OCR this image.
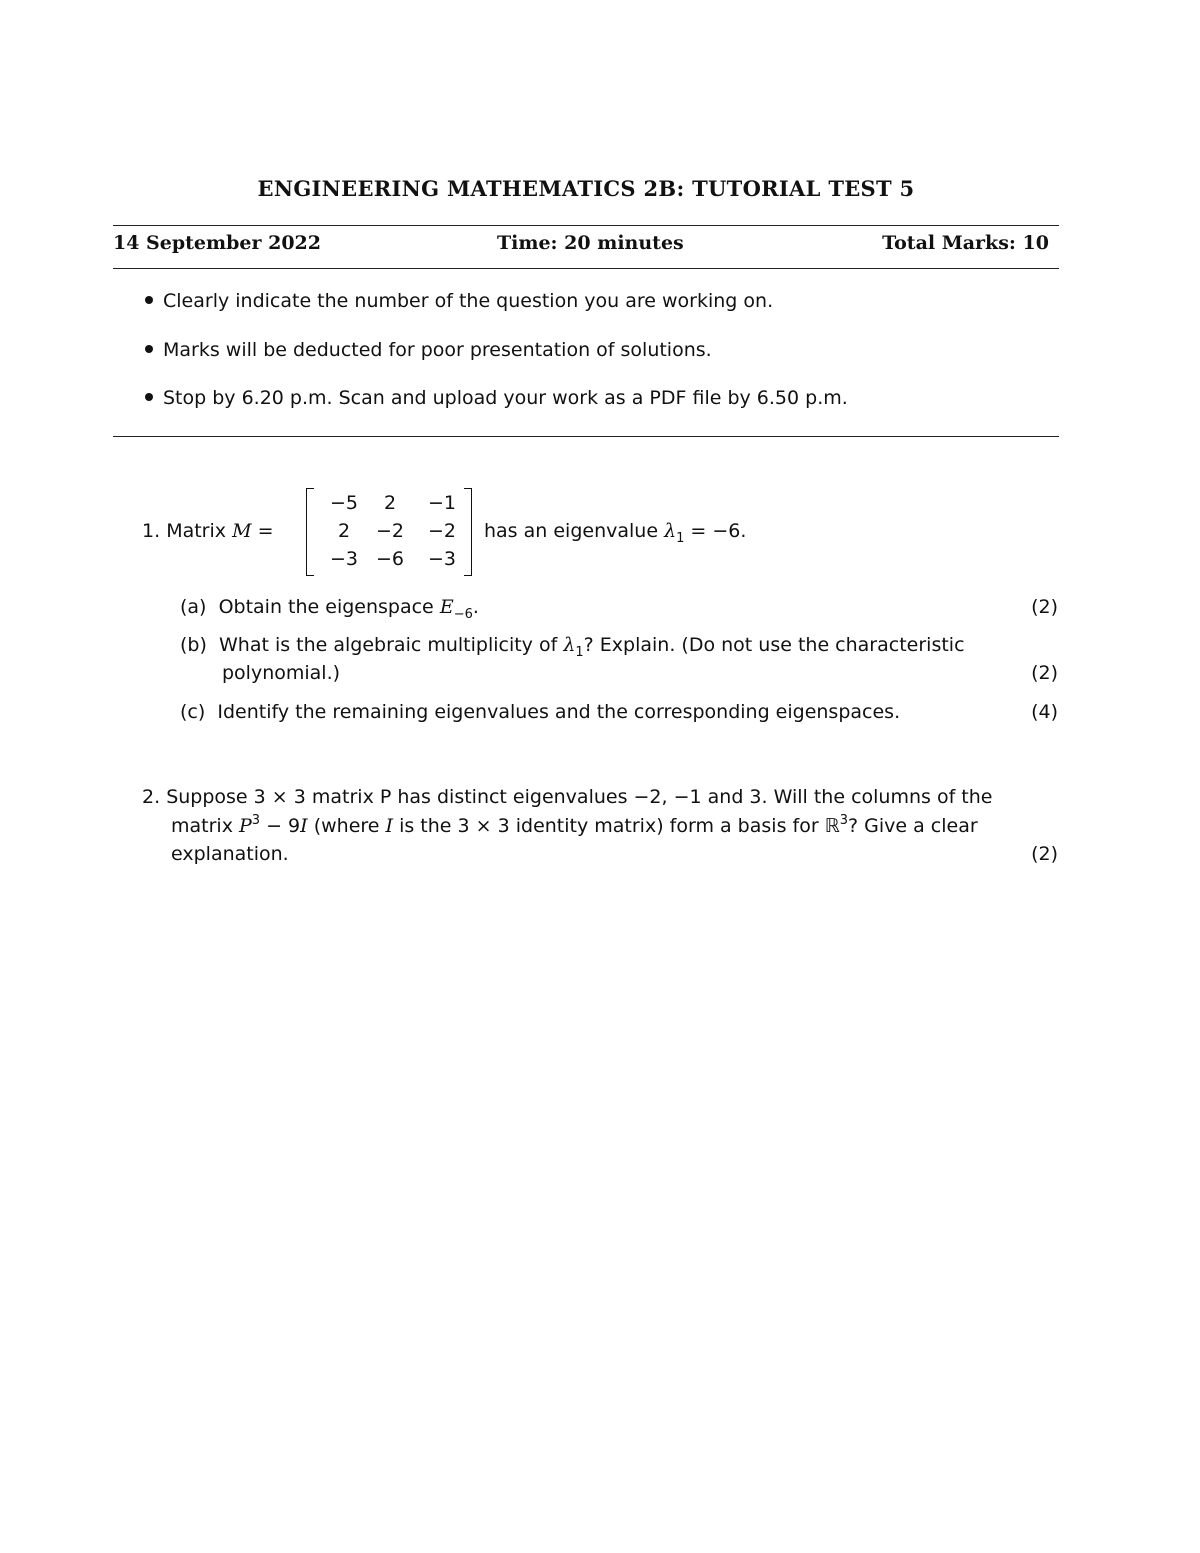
ENGINEERING MATHEMATICS 2B: TUTORIAL TEST 5
14 September 2022	Time: 20 minutes	Total Marks: 10
Clearly indicate the number of the question you are working on.
Marks will be deducted for poor presentation of solutions.
Stop by 6.20 p.m. Scan and upload your work as a PDF file by 6.50 p.m.
1. Matrix M =
−5	2	−1
2	−2	−2
−3 −6	−3
has an eigenvalue $\lambda_1 = -6$.
(a) Obtain the eigenspace $E_{-6}$.	(2)
(b) What is the algebraic multiplicity of $\lambda_1$? Explain. (Do not use the characteristic
polynomial.)	(2)
(c) Identify the remaining eigenvalues and the corresponding eigenspaces.	(4)
2. Suppose 3 × 3 matrix P has distinct eigenvalues −2, −1 and 3. Will the columns of the
matrix $P^3 - 9I$ (where I is the 3 × 3 identity matrix) form a basis for ℝ$^3$? Give a clear
explanation.	(2)
